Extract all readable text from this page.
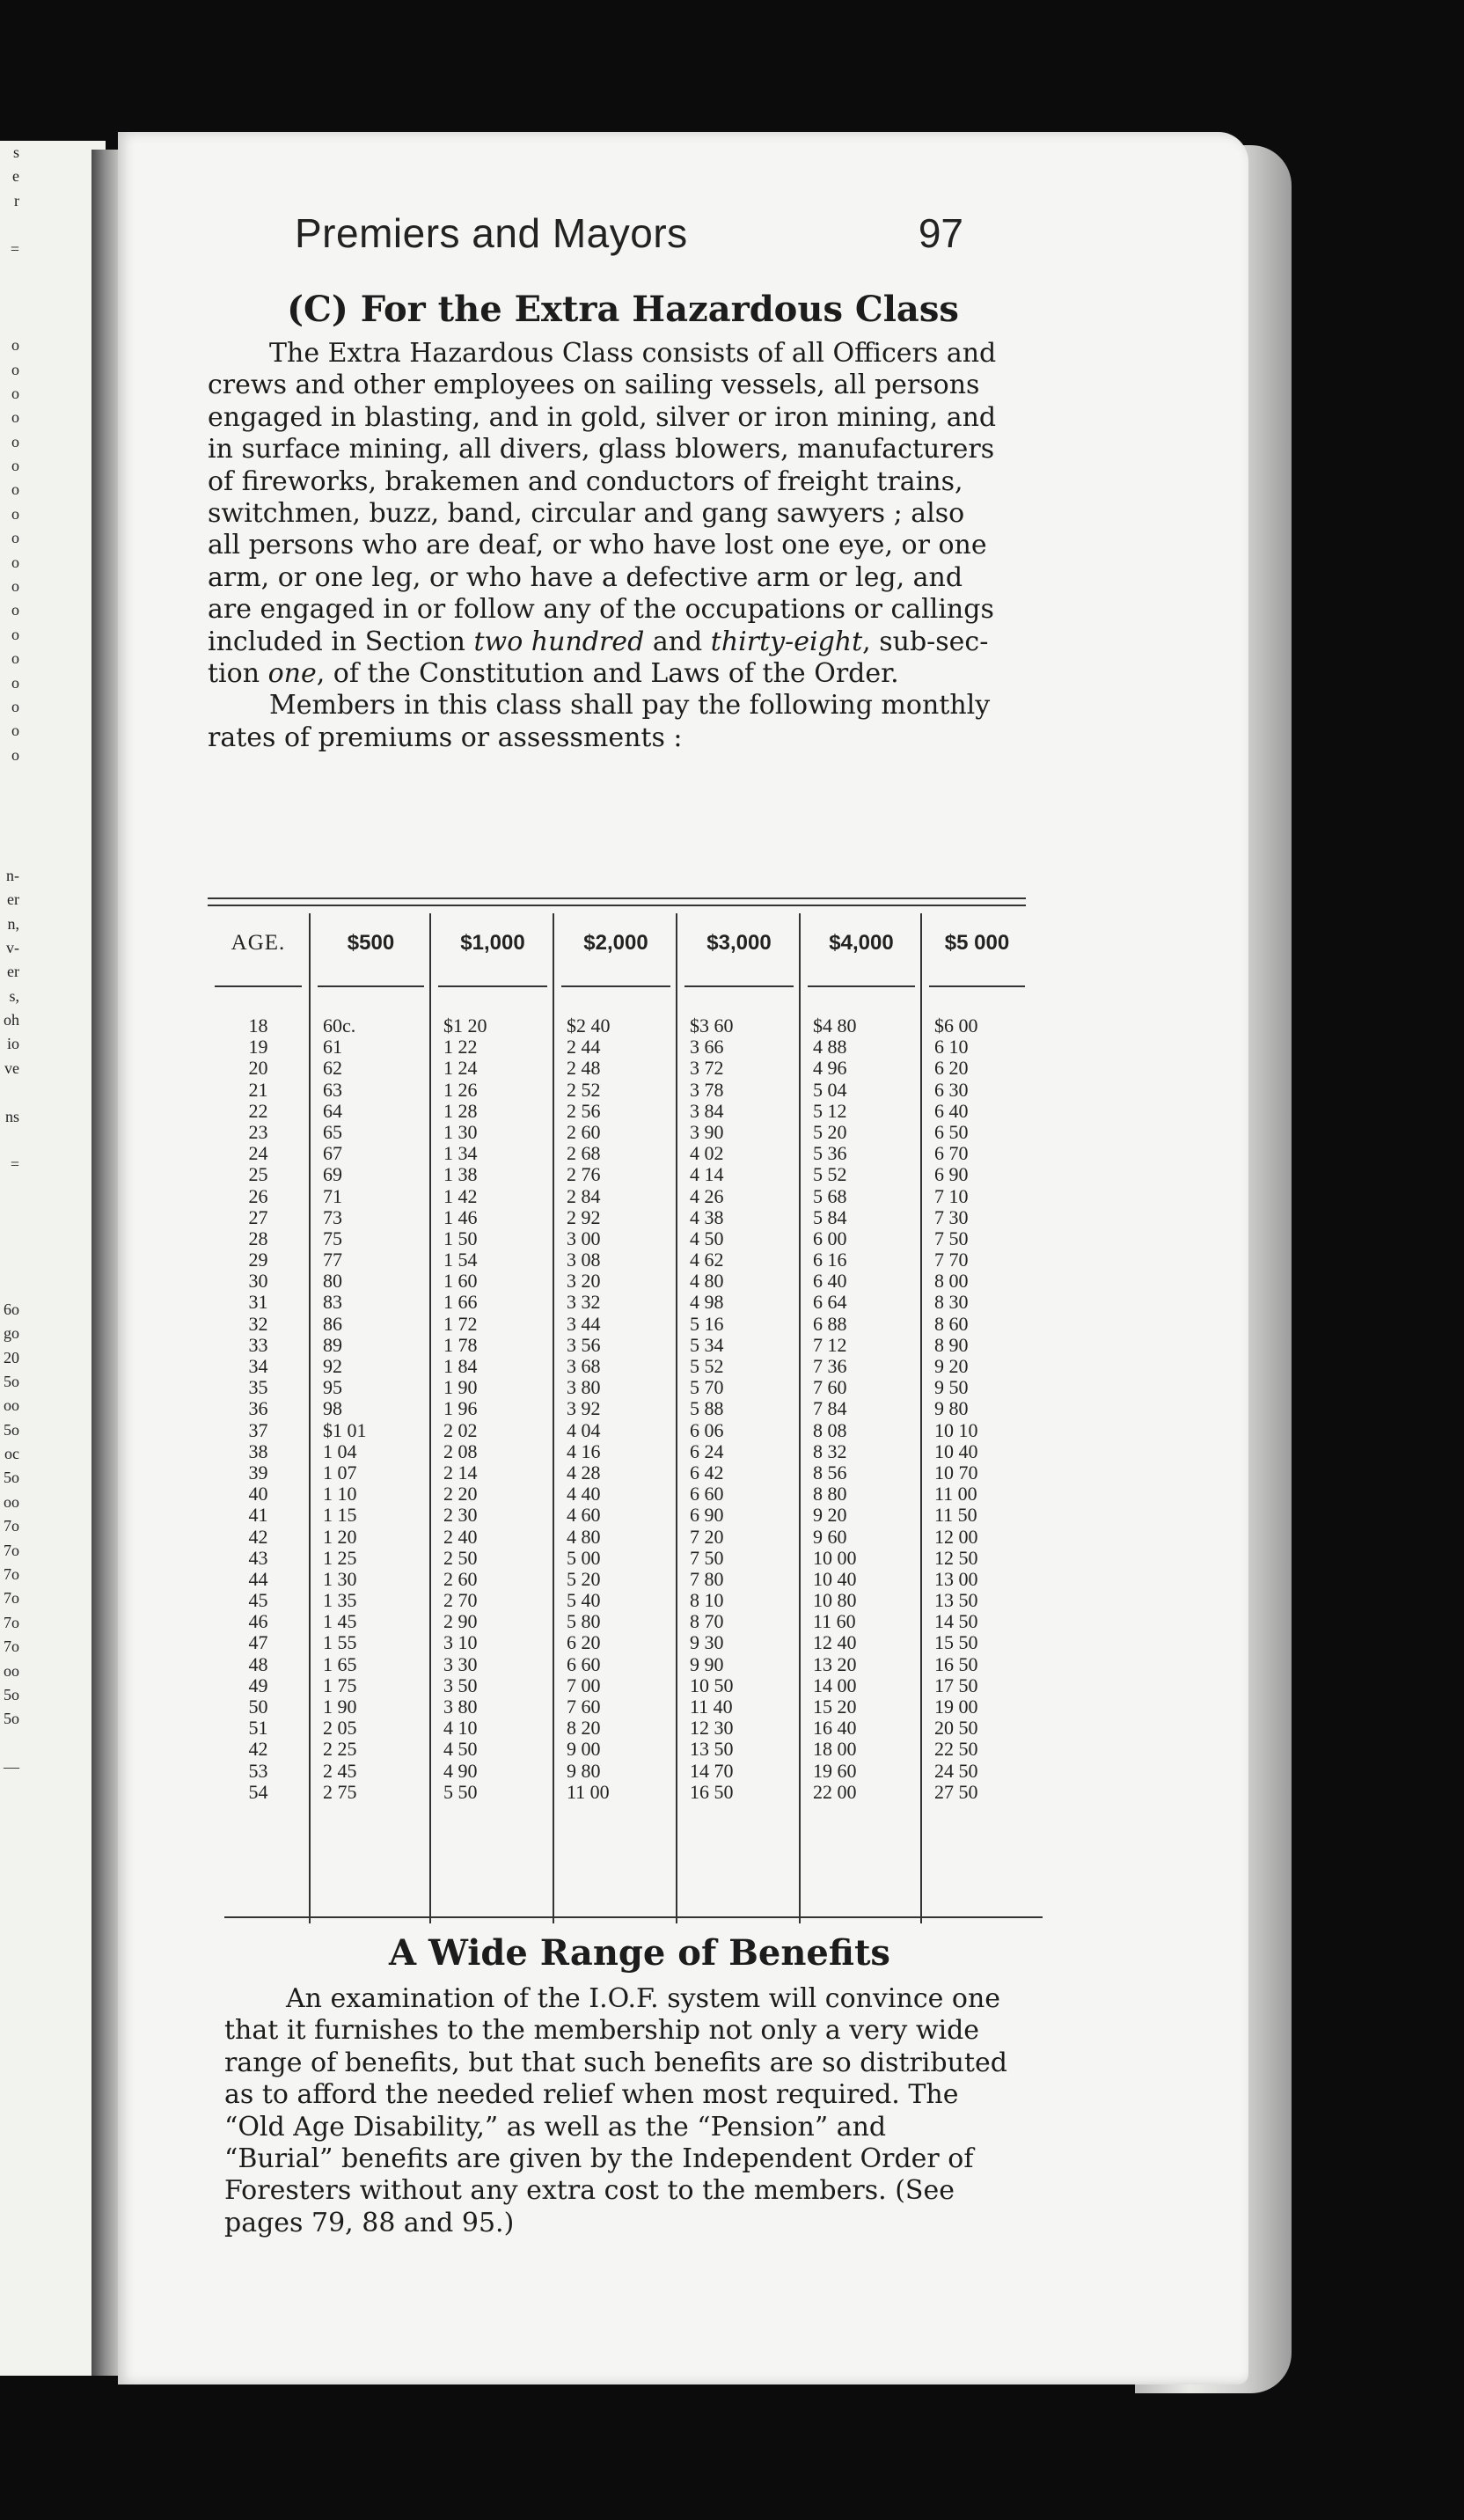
s
e
r
=
o
o
o
o
o
o
o
o
o
o
o
o
o
o
o
o
o
o
n-
er
n,
v-
er
s,
oh
io
ve
ns
=
6o
go
20
5o
oo
5o
oc
5o
oo
7o
7o
7o
7o
7o
7o
oo
5o
5o
—
Premiers and Mayors	97
(C) For the Extra Hazardous Class
The Extra Hazardous Class consists of all Officers and
crews and other employees on sailing vessels, all persons
engaged in blasting, and in gold, silver or iron mining, and
in surface mining, all divers, glass blowers, manufacturers
of fireworks, brakemen and conductors of freight trains,
switchmen, buzz, band, circular and gang sawyers ; also
all persons who are deaf, or who have lost one eye, or one
arm, or one leg, or who have a defective arm or leg, and
are engaged in or follow any of the occupations or callings
included in Section two hundred and thirty-eight, sub-sec-
tion one, of the Constitution and Laws of the Order.
Members in this class shall pay the following monthly
rates of premiums or assessments :
AGE.
18
19
20
21
22
23
24
25
26
27
28
29
30
31
32
33
34
35
36
37
38
39
40
41
42
43
44
45
46
47
48
49
50
51
42
53
54
$500
60c.
61
62
63
64
65
67
69
71
73
75
77
80
83
86
89
92
95
98
$1 01
1 04
1 07
1 10
1 15
1 20
1 25
1 30
1 35
1 45
1 55
1 65
1 75
1 90
2 05
2 25
2 45
2 75
$1,000
$1 20
1 22
1 24
1 26
1 28
1 30
1 34
1 38
1 42
1 46
1 50
1 54
1 60
1 66
1 72
1 78
1 84
1 90
1 96
2 02
2 08
2 14
2 20
2 30
2 40
2 50
2 60
2 70
2 90
3 10
3 30
3 50
3 80
4 10
4 50
4 90
5 50
$2,000
$2 40
2 44
2 48
2 52
2 56
2 60
2 68
2 76
2 84
2 92
3 00
3 08
3 20
3 32
3 44
3 56
3 68
3 80
3 92
4 04
4 16
4 28
4 40
4 60
4 80
5 00
5 20
5 40
5 80
6 20
6 60
7 00
7 60
8 20
9 00
9 80
11 00
$3,000
$3 60
3 66
3 72
3 78
3 84
3 90
4 02
4 14
4 26
4 38
4 50
4 62
4 80
4 98
5 16
5 34
5 52
5 70
5 88
6 06
6 24
6 42
6 60
6 90
7 20
7 50
7 80
8 10
8 70
9 30
9 90
10 50
11 40
12 30
13 50
14 70
16 50
$4,000
$4 80
4 88
4 96
5 04
5 12
5 20
5 36
5 52
5 68
5 84
6 00
6 16
6 40
6 64
6 88
7 12
7 36
7 60
7 84
8 08
8 32
8 56
8 80
9 20
9 60
10 00
10 40
10 80
11 60
12 40
13 20
14 00
15 20
16 40
18 00
19 60
22 00
$5 000
$6 00
6 10
6 20
6 30
6 40
6 50
6 70
6 90
7 10
7 30
7 50
7 70
8 00
8 30
8 60
8 90
9 20
9 50
9 80
10 10
10 40
10 70
11 00
11 50
12 00
12 50
13 00
13 50
14 50
15 50
16 50
17 50
19 00
20 50
22 50
24 50
27 50
A Wide Range of Benefits
An examination of the I.O.F. system will convince one
that it furnishes to the membership not only a very wide
range of benefits, but that such benefits are so distributed
as to afford the needed relief when most required. The
“Old Age Disability,” as well as the “Pension” and
“Burial” benefits are given by the Independent Order of
Foresters without any extra cost to the members. (See
pages 79, 88 and 95.)
